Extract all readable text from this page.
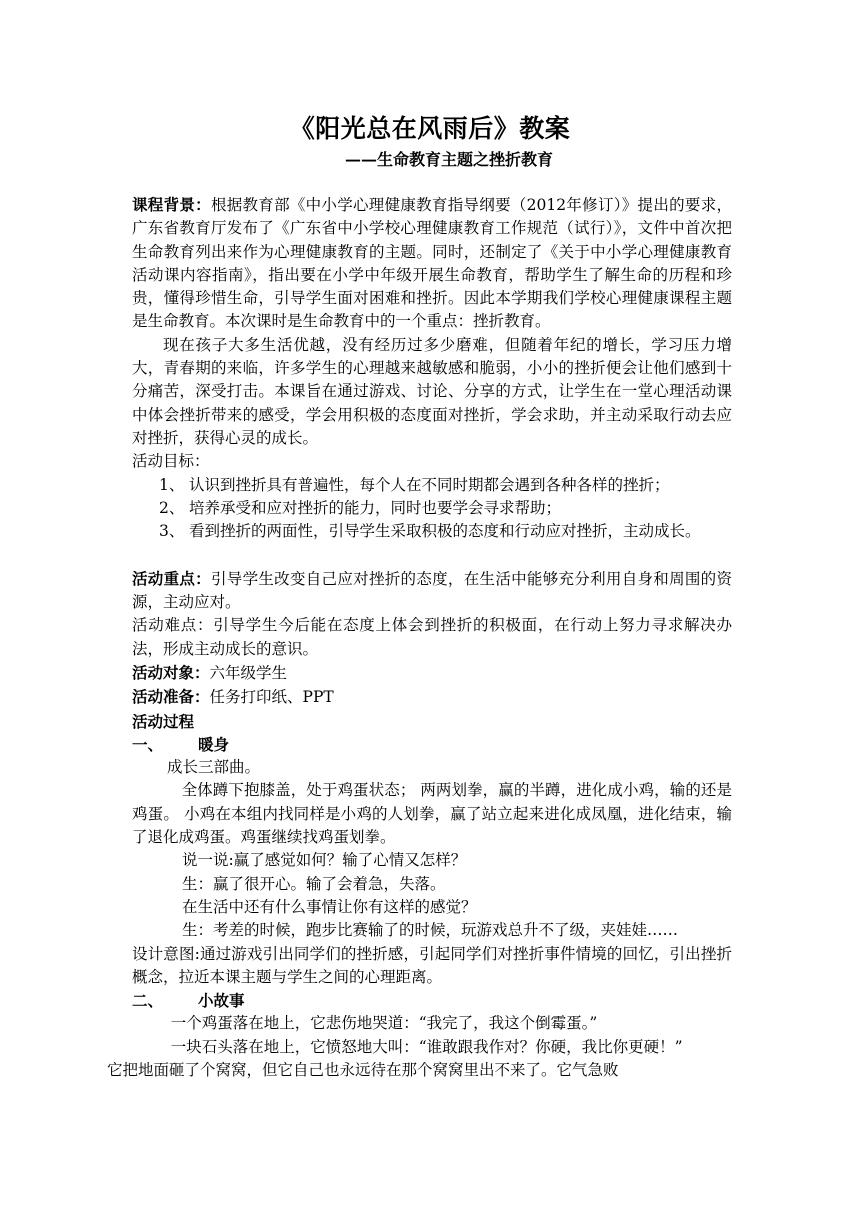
《阳光总在风雨后》教案
——生命教育主题之挫折教育

课程背景：根据教育部《中小学心理健康教育指导纲要（2012年修订）》提出的要求，广东省教育厅发布了《广东省中小学校心理健康教育工作规范（试行）》，文件中首次把生命教育列出来作为心理健康教育的主题。同时，还制定了《关于中小学心理健康教育活动课内容指南》，指出要在小学中年级开展生命教育，帮助学生了解生命的历程和珍贵，懂得珍惜生命，引导学生面对困难和挫折。因此本学期我们学校心理健康课程主题是生命教育。本次课时是生命教育中的一个重点：挫折教育。

现在孩子大多生活优越，没有经历过多少磨难，但随着年纪的增长，学习压力增大，青春期的来临，许多学生的心理越来越敏感和脆弱，小小的挫折便会让他们感到十分痛苦，深受打击。本课旨在通过游戏、讨论、分享的方式，让学生在一堂心理活动课中体会挫折带来的感受，学会用积极的态度面对挫折，学会求助，并主动采取行动去应对挫折，获得心灵的成长。

活动目标：

1、 认识到挫折具有普遍性，每个人在不同时期都会遇到各种各样的挫折；
2、 培养承受和应对挫折的能力，同时也要学会寻求帮助；
3、 看到挫折的两面性，引导学生采取积极的态度和行动应对挫折，主动成长。

活动重点：引导学生改变自己应对挫折的态度，在生活中能够充分利用自身和周围的资源，主动应对。

活动难点：引导学生今后能在态度上体会到挫折的积极面，在行动上努力寻求解决办法，形成主动成长的意识。

活动对象：六年级学生

活动准备：任务打印纸、PPT

活动过程

一、	暖身

成长三部曲。

全体蹲下抱膝盖，处于鸡蛋状态； 两两划拳，赢的半蹲，进化成小鸡，输的还是鸡蛋。 小鸡在本组内找同样是小鸡的人划拳，赢了站立起来进化成凤凰，进化结束，输了退化成鸡蛋。鸡蛋继续找鸡蛋划拳。

说一说:赢了感觉如何？输了心情又怎样？

生：赢了很开心。输了会着急，失落。

在生活中还有什么事情让你有这样的感觉？

生：考差的时候，跑步比赛输了的时候，玩游戏总升不了级，夹娃娃……

设计意图:通过游戏引出同学们的挫折感，引起同学们对挫折事件情境的回忆，引出挫折概念，拉近本课主题与学生之间的心理距离。

二、	小故事

一个鸡蛋落在地上，它悲伤地哭道：“我完了，我这个倒霉蛋。”

一块石头落在地上，它愤怒地大叫：“谁敢跟我作对？你硬，我比你更硬！”

它把地面砸了个窝窝，但它自己也永远待在那个窝窝里出不来了。它气急败
